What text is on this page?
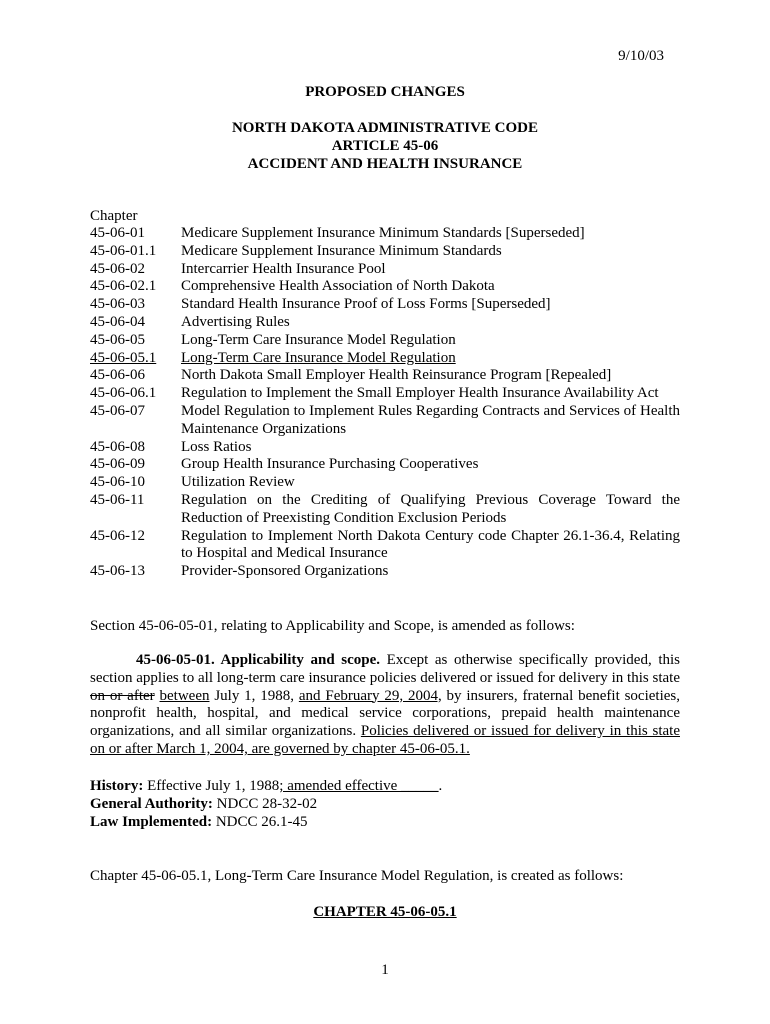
9/10/03
PROPOSED CHANGES
NORTH DAKOTA ADMINISTRATIVE CODE
ARTICLE 45-06
ACCIDENT AND HEALTH INSURANCE
Chapter
45-06-01	Medicare Supplement Insurance Minimum Standards [Superseded]
45-06-01.1	Medicare Supplement Insurance Minimum Standards
45-06-02	Intercarrier Health Insurance Pool
45-06-02.1	Comprehensive Health Association of North Dakota
45-06-03	Standard Health Insurance Proof of Loss Forms [Superseded]
45-06-04	Advertising Rules
45-06-05	Long-Term Care Insurance Model Regulation
45-06-05.1	Long-Term Care Insurance Model Regulation
45-06-06	North Dakota Small Employer Health Reinsurance Program [Repealed]
45-06-06.1	Regulation to Implement the Small Employer Health Insurance Availability Act
45-06-07	Model Regulation to Implement Rules Regarding Contracts and Services of Health Maintenance Organizations
45-06-08	Loss Ratios
45-06-09	Group Health Insurance Purchasing Cooperatives
45-06-10	Utilization Review
45-06-11	Regulation on the Crediting of Qualifying Previous Coverage Toward the Reduction of Preexisting Condition Exclusion Periods
45-06-12	Regulation to Implement North Dakota Century code Chapter 26.1-36.4, Relating to Hospital and Medical Insurance
45-06-13	Provider-Sponsored Organizations
Section 45-06-05-01, relating to Applicability and Scope, is amended as follows:
45-06-05-01. Applicability and scope. Except as otherwise specifically provided, this section applies to all long-term care insurance policies delivered or issued for delivery in this state on or after between July 1, 1988, and February 29, 2004, by insurers, fraternal benefit societies, nonprofit health, hospital, and medical service corporations, prepaid health maintenance organizations, and all similar organizations. Policies delivered or issued for delivery in this state on or after March 1, 2004, are governed by chapter 45-06-05.1.
History: Effective July 1, 1988; amended effective _____.
General Authority: NDCC 28-32-02
Law Implemented: NDCC 26.1-45
Chapter 45-06-05.1, Long-Term Care Insurance Model Regulation, is created as follows:
CHAPTER 45-06-05.1
1
